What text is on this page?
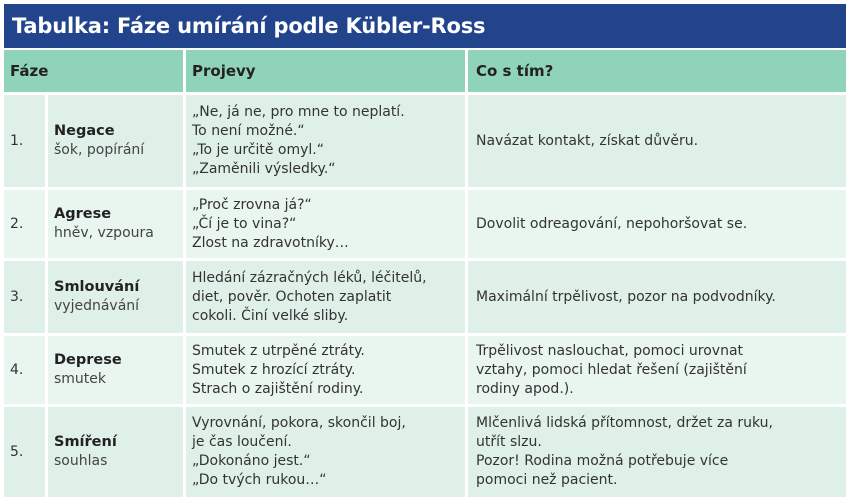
Tabulka: Fáze umírání podle Kübler-Ross
Fáze	Projevy	Co s tím?
1.
Negace
šok, popírání
„Ne, já ne, pro mne to neplatí.
To není možné.“
„To je určitě omyl.“
„Zaměnili výsledky.“
Navázat kontakt, získat důvěru.
2.
Agrese
hněv, vzpoura
„Proč zrovna já?“
„Čí je to vina?“
Zlost na zdravotníky…
Dovolit odreagování, nepohoršovat se.
3.
Smlouvání
vyjednávání
Hledání zázračných léků, léčitelů,
diet, pověr. Ochoten zaplatit
cokoli. Činí velké sliby.
Maximální trpělivost, pozor na podvodníky.
4.
Deprese
smutek
Smutek z utrpěné ztráty.
Smutek z hrozící ztráty.
Strach o zajištění rodiny.
Trpělivost naslouchat, pomoci urovnat
vztahy, pomoci hledat řešení (zajištění
rodiny apod.).
5.
Smíření
souhlas
Vyrovnání, pokora, skončil boj,
je čas loučení.
„Dokonáno jest.“
„Do tvých rukou…“
Mlčenlivá lidská přítomnost, držet za ruku,
utřít slzu.
Pozor! Rodina možná potřebuje více
pomoci než pacient.
